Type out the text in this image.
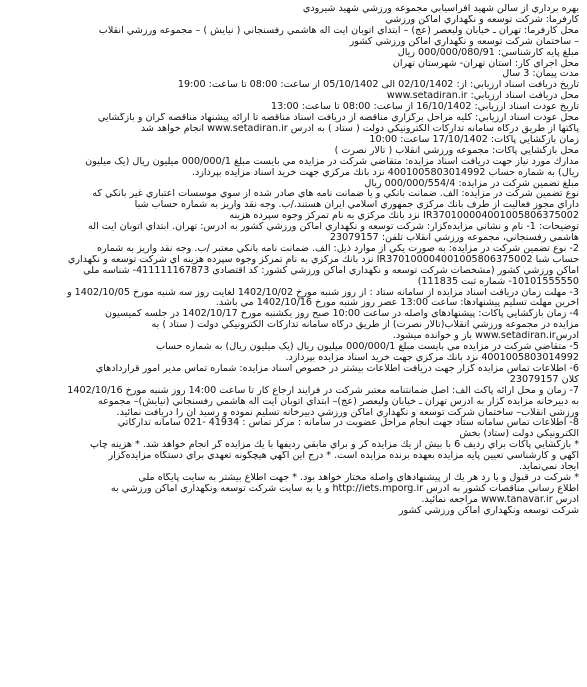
بهره برداري از سالن شهيد افراسيابي مجموعه ورزشي شهيد شيرودي
كارفرما: شركت توسعه و نگهداري اماكن ورزشي
محل كارفرما: تهران ـ خيابان وليعصر (عج) – ابتداي اتوبان آيت اله هاشمي رفسنجاني ( نيايش ) – مجموعه ورزشي انقلاب
– ساختمان شركت توسعه و نگهداري اماكن ورزشي كشور
مبلغ پايه كارشناسي: 000/000/080/91 ريال
محل اجراي كار: استان تهران- شهرستان تهران
مدت پيمان: 3 سال
تاريخ دريافت اسناد ارزيابي: از: 02/10/1402 الی 05/10/1402 از ساعت: 08:00 تا ساعت: 19:00
محل دريافت اسناد ارزيابي: www.setadiran.ir
تاريخ عودت اسناد ارزيابي: 16/10/1402 از ساعت: 08:00 تا ساعت: 13:00
محل عودت اسناد ارزيابي: كليه مراحل برگزاري مناقصه از دريافت اسناد مناقصه تا ارائه پيشنهاد مناقصه گران و بازگشايي
پاكتها از طريق درگاه سامانه تداركات الكترونيكي دولت ( ستاد ) به آدرس www.setadiran.ir انجام خواهد شد
زمان بازگشايي پاكات: 17/10/1402 ساعت: 10:00
محل بازگشايي پاكات: مجموعه ورزشي انقلاب ( تالار نصرت )
مدارك مورد نياز جهت دريافت اسناد مزايده: متقاضي شركت در مزايده مي بايست مبلغ 000/000/1 ميليون ريال (يک ميليون
ريال) به شماره حساب 4001005803014992 نزد بانك مركزي جهت خريد اسناد مزايده بپردازد.
مبلغ تضمين شركت در مزايده: 000/000/554/4 ريال
نوع تضمين شركت در مزايده: الف. ضمانت بانكي و يا ضمانت نامه هاي صادر شده از سوي موسسات اعتباري غير بانكي كه
داراي مجوز فعاليت از طرف بانك مركزي جمهوري اسلامي ايران هستند./ب. وجه نقد واريز به شماره حساب شبا
IR370100004001005806375002 نزد بانك مركزي به نام تمركز وجوه سپرده هزينه
توضيحات: 1- نام و نشاني مزايده‌گزار: شركت توسعه و نگهداري اماكن ورزشي كشور به آدرس: تهران. ابتداي اتوبان آيت اله
هاشمي رفسنجاني، مجموعه ورزشي انقلاب تلفن: 23079157
2- نوع تضمين شركت در مزايده: به صورت يكي از موارد ذيل: الف. ضمانت نامه بانكي معتبر /ب. وجه نقد واريز به شماره
حساب شبا IR370100004001005806375002 نزد بانك مركزي به نام تمركز وجوه سپرده هزينه اي شركت توسعه و نگهداري
اماكن ورزشي كشور (مشخصات شركت توسعه و نگهداري اماكن ورزشي كشور: كد اقتصادي 411111167873- شناسه ملي
10101555550- شماره ثبت 111835)
3- مهلت زمان دريافت اسناد مزايده از سامانه ستاد : از روز شنبه مورخ 1402/10/02 لغايت روز سه شنبه مورخ 1402/10/05 و
آخرين مهلت تسليم پيشنهادها: ساعت 13:00 عصر روز شنبه مورخ 1402/10/16 مي باشد.
4- زمان بازگشايي پاكات: پيشنهادهاي واصله در ساعت 10:00 صبح روز يكشنبه مورخ 1402/10/17 در جلسه كميسيون
مزايده در مجموعه ورزشي انقلاب(تالار نصرت) از طريق درگاه سامانه تداركات الكترونيكي دولت ( ستاد ) به
آدرسwww.setadiran.ir باز و خوانده ميشود.
5- متقاضي شركت در مزايده مي بايست مبلغ 000/000/1 ميليون ريال (يک ميليون ريال) به شماره حساب
4001005803014992 نزد بانك مركزي جهت خريد اسناد مزايده بپردازد.
6- اطلاعات تماس مزايده گزار جهت دريافت اطلاعات بيشتر در خصوص اسناد مزايده: شماره تماس مدير امور قراردادهاي
كلان 23079157
7- زمان و محل ارائه پاكت الف: اصل ضمانتنامه معتبر شركت در فرايند ارجاع كار تا ساعت 14:00 روز شنبه مورخ 1402/10/16
به دبيرخانه مزايده گزار به آدرس تهران ـ خيابان وليعصر (عج)– ابتداي اتوبان آيت اله هاشمي رفسنجاني (نيايش)– مجموعه
ورزشي انقلاب– ساختمان شركت توسعه و نگهداري اماكن ورزشي دبيرخانه تسليم نموده و رسيد آن را دريافت نمائيد.
8- اطلاعات تماس سامانه ستاد جهت انجام مراحل عضويت در سامانه : مركز تماس : 41934 -021 سامانه تداركاتي
الكترونيكي دولت (ستاد) بخش
* بازگشايي پاكات براي رديف 6 با بيش از يك مزايده گر و براي مابقي رديفها با يك مزايده گر انجام خواهد شد. * هزينه چاپ
آگهي و كارشناسي تعيين پايه مزايده بعهده برنده مزايده است. * درج اين آگهي هيچگونه تعهدي براي دستگاه مزايده‌گزار
ايجاد نمي‌نمايد.
* شركت در قبول و يا رد هر يك از پيشنهادهاي واصله مختار خواهد بود. * جهت اطلاع بيشتر به سايت پايگاه ملي
اطلاع رساني مناقصات كشور به آدرس http://iets.mporg.ir و يا به سايت شركت توسعه ونگهداري اماكن ورزشي به
آدرس www.tanavar.ir مراجعه نمائيد.
شركت توسعه ونگهداري اماكن ورزشي كشور
